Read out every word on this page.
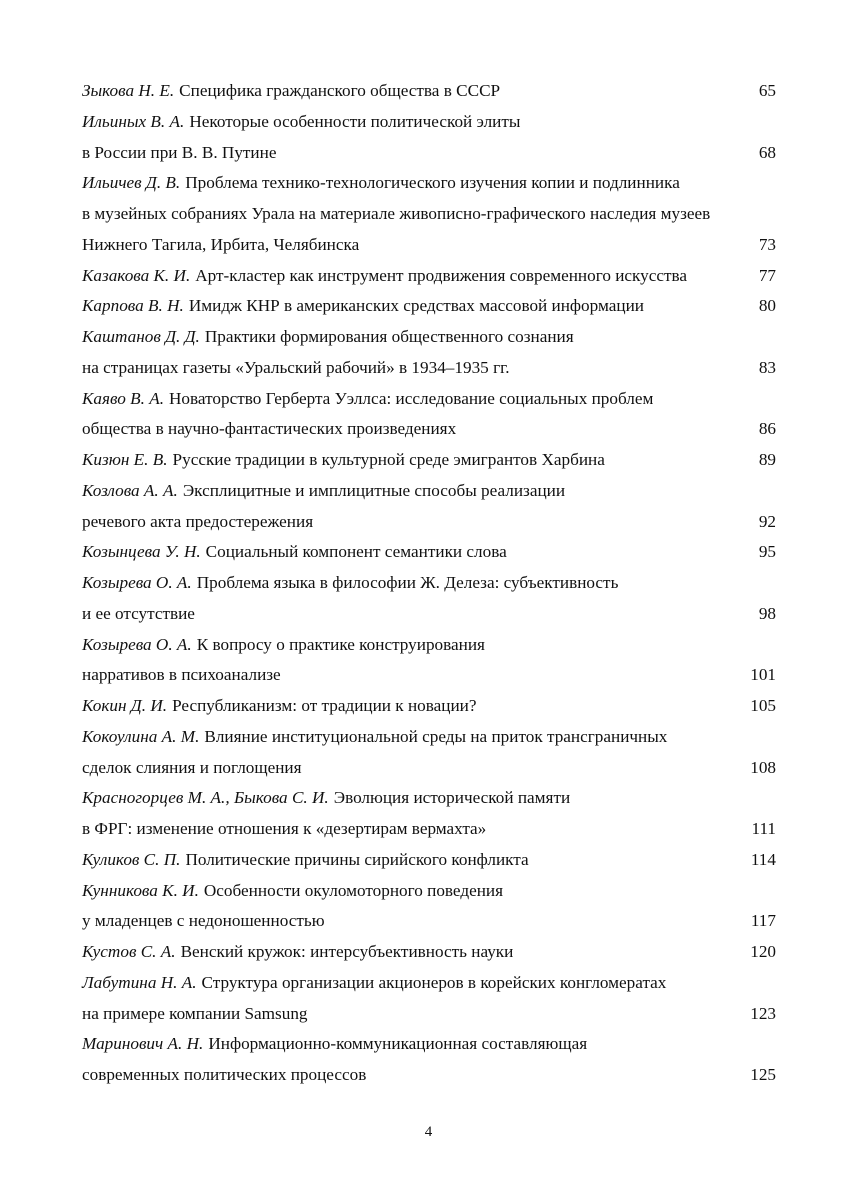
Зыкова Н. Е. Специфика гражданского общества в СССР	65
Ильиных В. А. Некоторые особенности политической элиты
в России при В. В. Путине	68
Ильичев Д. В. Проблема технико-технологического изучения копии и подлинника
в музейных собраниях Урала на материале живописно-графического наследия музеев
Нижнего Тагила, Ирбита, Челябинска	73
Казакова К. И. Арт-кластер как инструмент продвижения современного искусства	77
Карпова В. Н. Имидж КНР в американских средствах массовой информации	80
Каштанов Д. Д. Практики формирования общественного сознания
на страницах газеты «Уральский рабочий» в 1934–1935 гг.	83
Каяво В. А. Новаторство Герберта Уэллса: исследование социальных проблем
общества в научно-фантастических произведениях	86
Кизюн Е. В. Русские традиции в культурной среде эмигрантов Харбина	89
Козлова А. А. Эксплицитные и имплицитные способы реализации
речевого акта предостережения	92
Козынцева У. Н. Социальный компонент семантики слова	95
Козырева О. А. Проблема языка в философии Ж. Делеза: субъективность
и ее отсутствие	98
Козырева О. А. К вопросу о практике конструирования
нарративов в психоанализе	101
Кокин Д. И. Республиканизм: от традиции к новации?	105
Кокоулина А. М. Влияние институциональной среды на приток трансграничных
сделок слияния и поглощения	108
Красногорцев М. А., Быкова С. И. Эволюция исторической памяти
в ФРГ: изменение отношения к «дезертирам вермахта»	111
Куликов С. П. Политические причины сирийского конфликта	114
Кунникова К. И. Особенности окуломоторного поведения
у младенцев с недоношенностью	117
Кустов С. А. Венский кружок: интерсубъективность науки	120
Лабутина Н. А. Структура организации акционеров в корейских конгломератах
на примере компании Samsung	123
Маринович А. Н. Информационно-коммуникационная составляющая
современных политических процессов	125
4
